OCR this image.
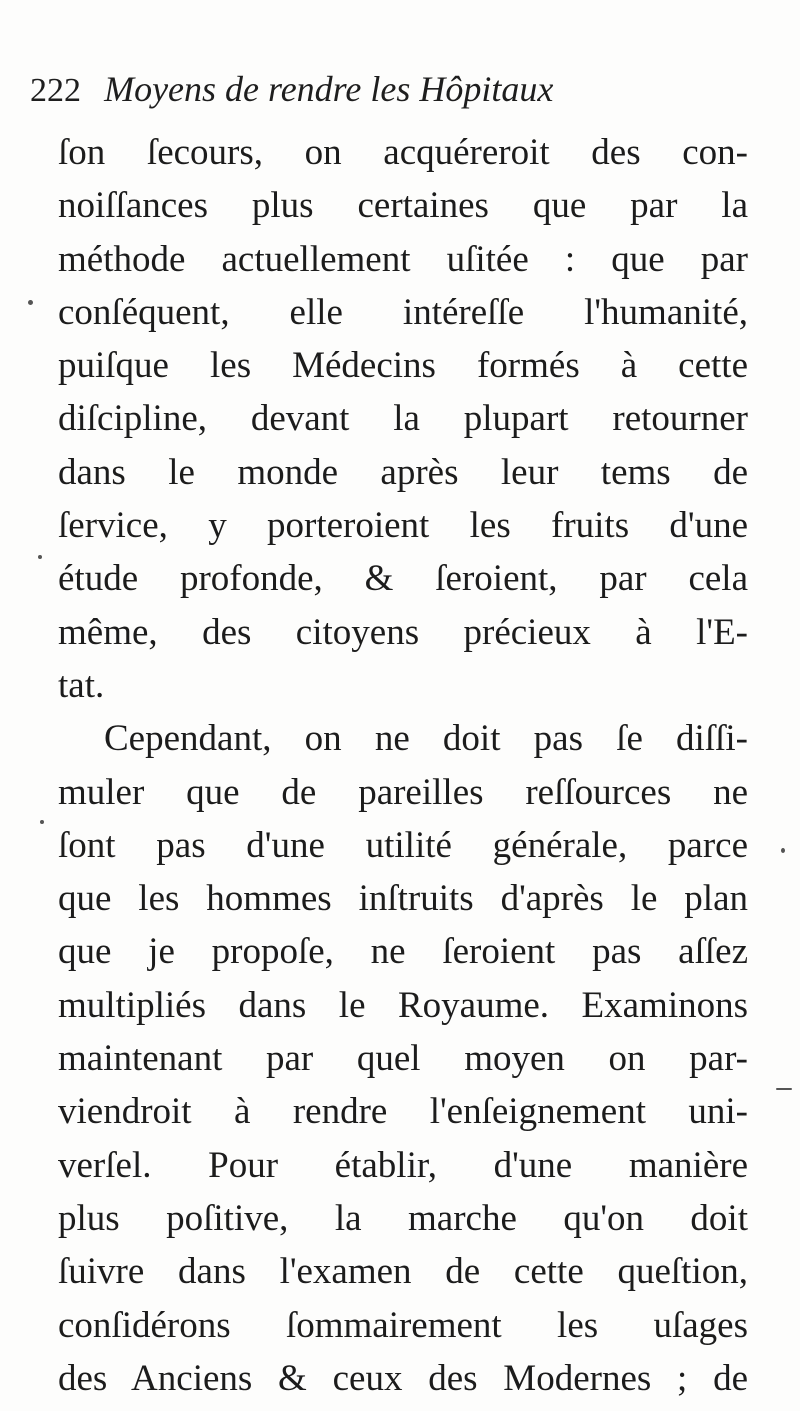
222 Moyens de rendre les Hôpitaux
ſon ſecours, on acquéreroit des con-
noiſſances plus certaines que par la
méthode actuellement uſitée : que par
conſéquent, elle intéreſſe l'humanité,
puiſque les Médecins formés à cette
diſcipline, devant la plupart retourner
dans le monde après leur tems de
ſervice, y porteroient les fruits d'une
étude profonde, & ſeroient, par cela
même, des citoyens précieux à l'E-
tat.
Cependant, on ne doit pas ſe diſſi-
muler que de pareilles reſſources ne
ſont pas d'une utilité générale, parce
que les hommes inſtruits d'après le plan
que je propoſe, ne ſeroient pas aſſez
multipliés dans le Royaume. Examinons
maintenant par quel moyen on par-
viendroit à rendre l'enſeignement uni-
verſel. Pour établir, d'une manière
plus poſitive, la marche qu'on doit
ſuivre dans l'examen de cette queſtion,
conſidérons ſommairement les uſages
des Anciens & ceux des Modernes ; de
